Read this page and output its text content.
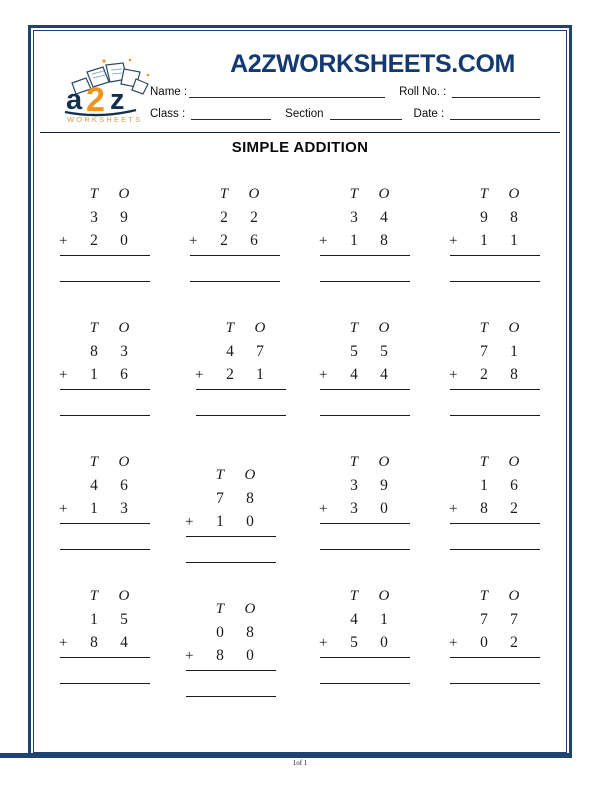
a 2 z
WORKSHEETS
A2ZWORKSHEETS.COM
Name :	Roll No. :
Class :	Section	Date :
SIMPLE ADDITION
T	O
3	9
+	2	0
T	O
2	2
+	2	6
T	O
3	4
+	1	8
T	O
9	8
+	1	1
T	O
8	3
+	1	6
T	O
4	7
+	2	1
T	O
5	5
+	4	4
T	O
7	1
+	2	8
T	O
4	6
+	1	3
T	O
7	8
+	1	0
T	O
3	9
+	3	0
T	O
1	6
+	8	2
T	O
1	5
+	8	4
T	O
0	8
+	8	0
T	O
4	1
+	5	0
T	O
7	7
+	0	2
1of 1
